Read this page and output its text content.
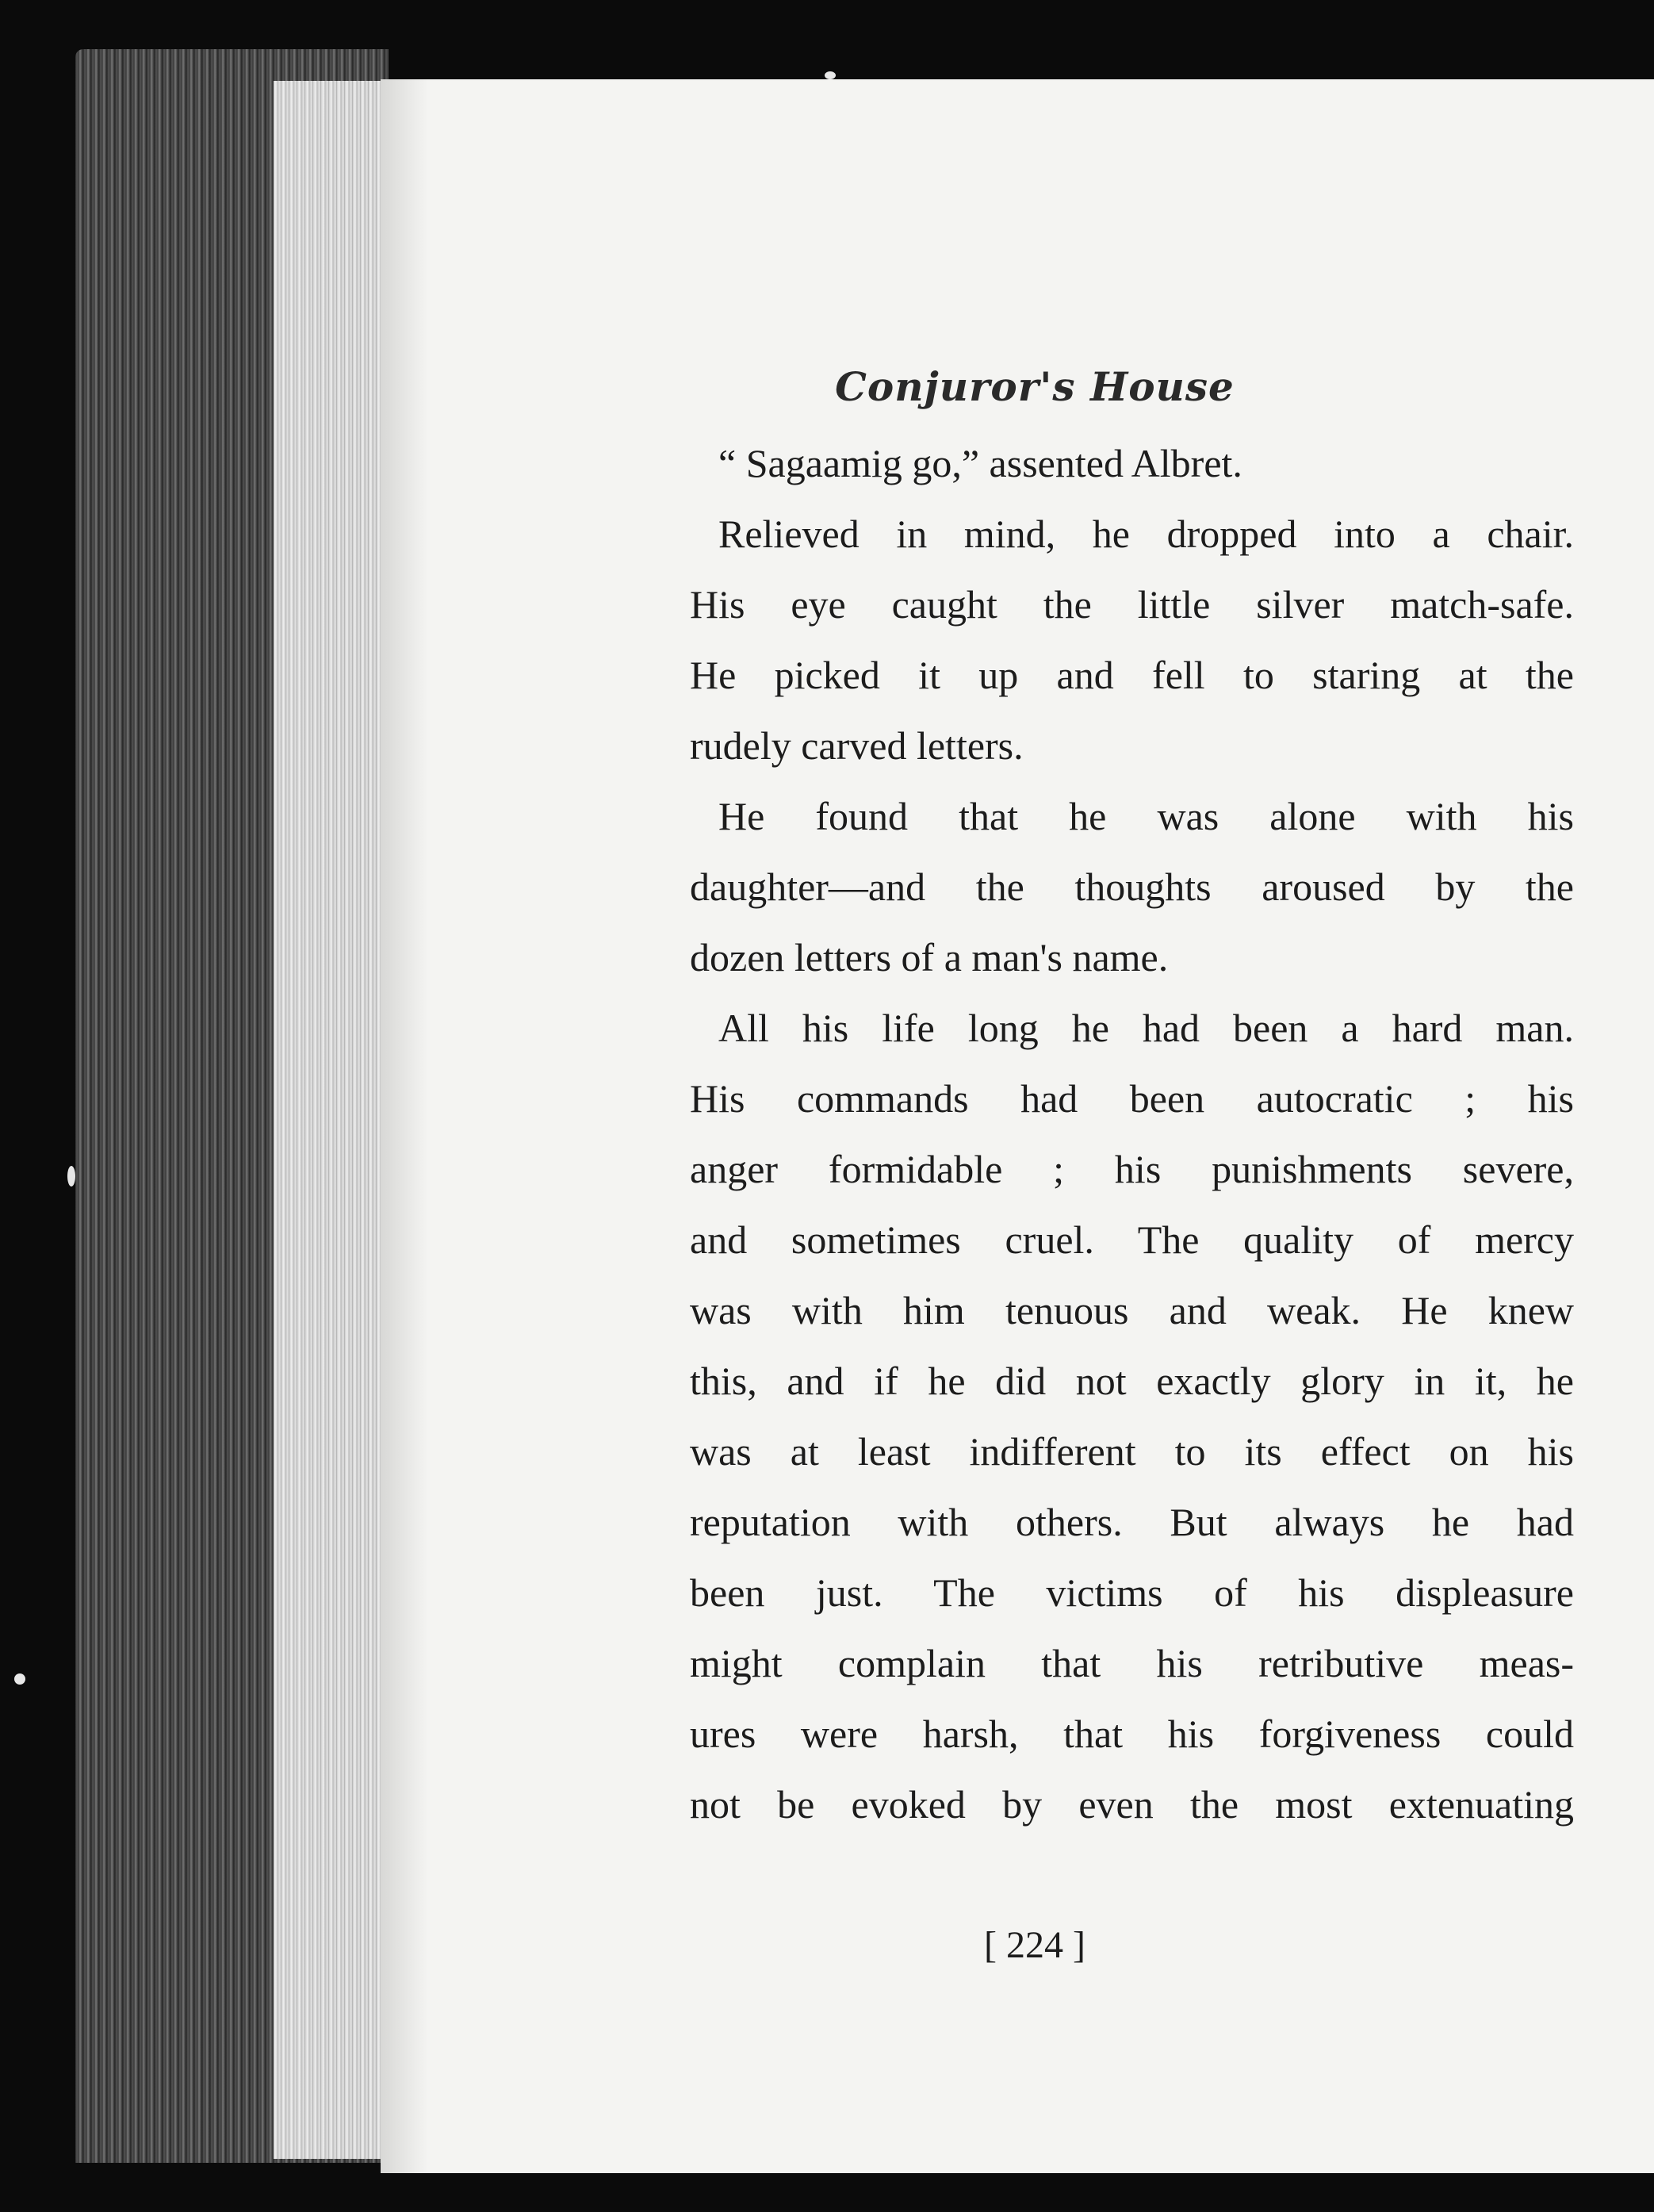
Conjuror's House
“ Sagaamig go,” assented Albret.
Relieved in mind, he dropped into a chair.
His eye caught the little silver match-safe.
He picked it up and fell to staring at the
rudely carved letters.
He found that he was alone with his
daughter—and the thoughts aroused by the
dozen letters of a man's name.
All his life long he had been a hard man.
His commands had been autocratic ; his
anger formidable ; his punishments severe,
and sometimes cruel. The quality of mercy
was with him tenuous and weak. He knew
this, and if he did not exactly glory in it, he
was at least indifferent to its effect on his
reputation with others. But always he had
been just. The victims of his displeasure
might complain that his retributive meas-
ures were harsh, that his forgiveness could
not be evoked by even the most extenuating
[ 224 ]
